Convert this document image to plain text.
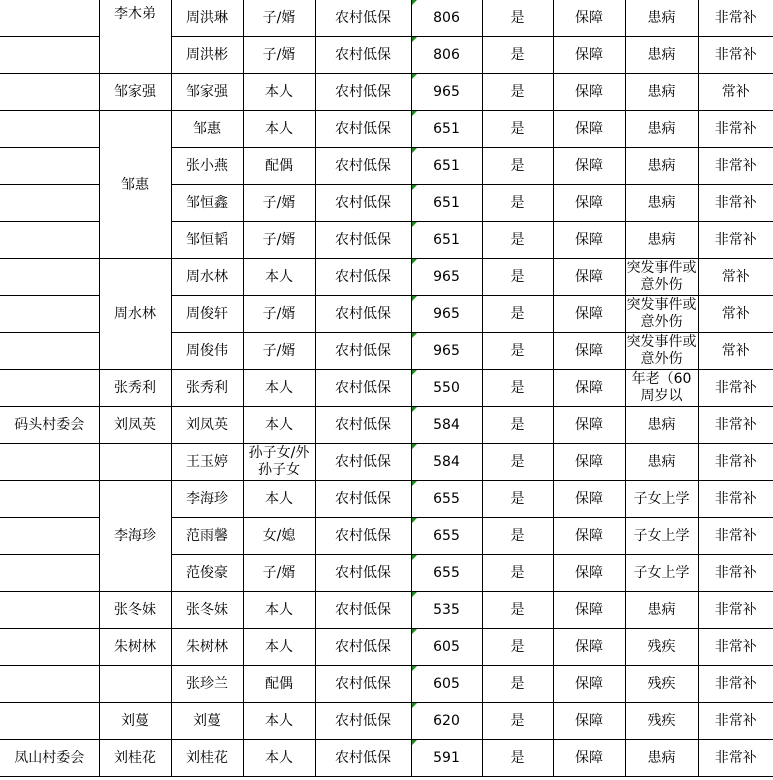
	李木弟	周洪琳	子/婿	农村低保	806	是	保障	患病	非常补
		周洪彬	子/婿	农村低保	806	是	保障	患病	非常补
	邹家强	邹家强	本人	农村低保	965	是	保障	患病	常补
	邹惠	邹惠	本人	农村低保	651	是	保障	患病	非常补
		张小燕	配偶	农村低保	651	是	保障	患病	非常补
		邹恒鑫	子/婿	农村低保	651	是	保障	患病	非常补
		邹恒韬	子/婿	农村低保	651	是	保障	患病	非常补
	周水林	周水林	本人	农村低保	965	是	保障	突发事件或意外伤	常补
		周俊轩	子/婿	农村低保	965	是	保障	突发事件或意外伤	常补
		周俊伟	子/婿	农村低保	965	是	保障	突发事件或意外伤	常补
	张秀利	张秀利	本人	农村低保	550	是	保障	年老（60周岁以	非常补
码头村委会	刘凤英	刘凤英	本人	农村低保	584	是	保障	患病	非常补
		王玉婷	孙子女/外孙子女	农村低保	584	是	保障	患病	非常补
	李海珍	李海珍	本人	农村低保	655	是	保障	子女上学	非常补
		范雨馨	女/媳	农村低保	655	是	保障	子女上学	非常补
		范俊豪	子/婿	农村低保	655	是	保障	子女上学	非常补
	张冬妹	张冬妹	本人	农村低保	535	是	保障	患病	非常补
	朱树林	朱树林	本人	农村低保	605	是	保障	残疾	非常补
		张珍兰	配偶	农村低保	605	是	保障	残疾	非常补
	刘蔓	刘蔓	本人	农村低保	620	是	保障	残疾	非常补
凤山村委会	刘桂花	刘桂花	本人	农村低保	591	是	保障	患病	非常补
